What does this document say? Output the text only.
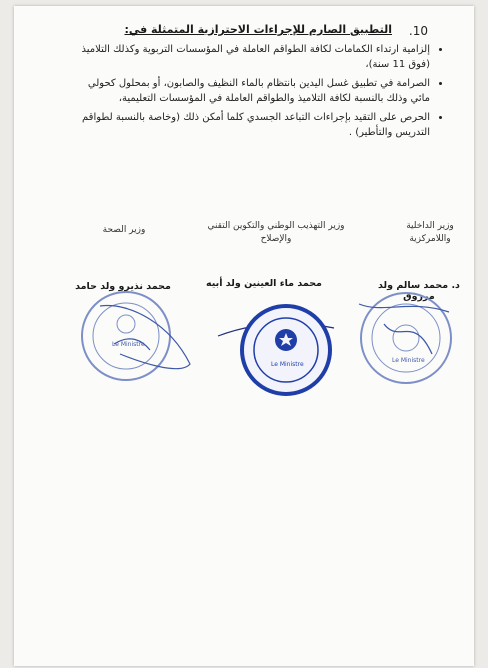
.10
التطبيق الصارم للإجراءات الاحترازية المتمثلة في:
• إلزامية ارتداء الكمامات لكافة الطواقم العاملة في المؤسسات التربوية وكذلك التلاميذ (فوق 11 سنة)،
• الصرامة في تطبيق غسل اليدين بانتظام بالماء النظيف والصابون، أو بمحلول كحولي مائي وذلك بالنسبة لكافة التلاميذ والطواقم العاملة في المؤسسات التعليمية،
• الحرص على التقيد بإجراءات التباعد الجسدي كلما أمكن ذلك (وخاصة بالنسبة لطواقم التدريس والتأطير) .
وزير الداخلية واللامركزية
وزير التهذيب الوطني والتكوين التقني والإصلاح
وزير الصحة
د. محمد سالم ولد مرزوق
محمد ماء العينين ولد أبيه
محمد نذيرو ولد حامد
Le Ministre
Le Ministre
Le Ministre
